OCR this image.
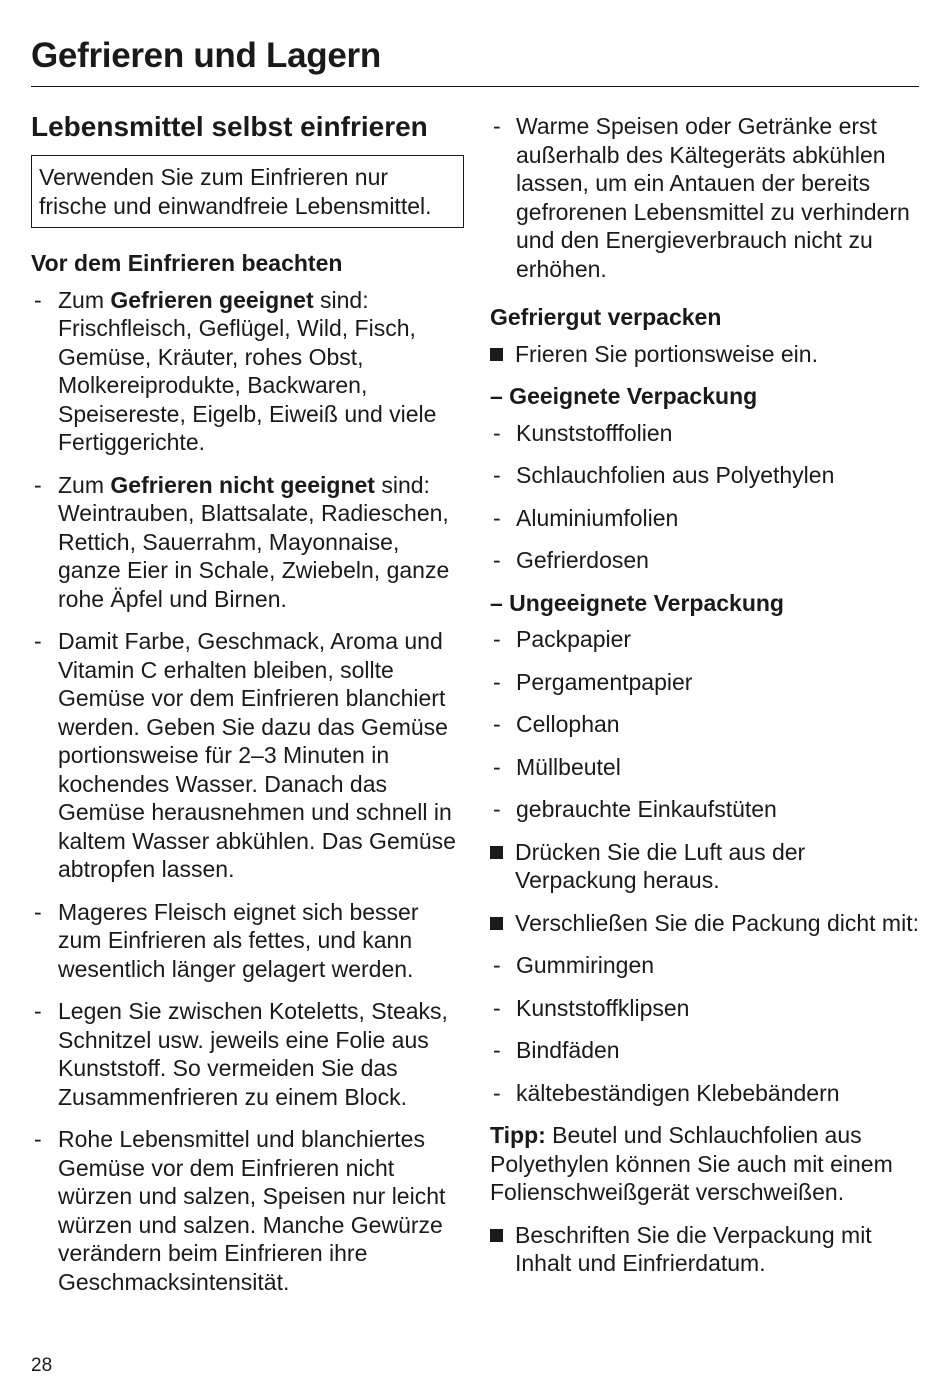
Gefrieren und Lagern
Lebensmittel selbst einfrieren
Verwenden Sie zum Einfrieren nur frische und einwandfreie Lebensmittel.
Vor dem Einfrieren beachten
- Zum Gefrieren geeignet sind: Frischfleisch, Geflügel, Wild, Fisch, Gemüse, Kräuter, rohes Obst, Molkereiprodukte, Backwaren, Speisereste, Eigelb, Eiweiß und viele Fertiggerichte.
- Zum Gefrieren nicht geeignet sind: Weintrauben, Blattsalate, Radieschen, Rettich, Sauerrahm, Mayonnaise, ganze Eier in Schale, Zwiebeln, ganze rohe Äpfel und Birnen.
- Damit Farbe, Geschmack, Aroma und Vitamin C erhalten bleiben, sollte Gemüse vor dem Einfrieren blanchiert werden. Geben Sie dazu das Gemüse portionsweise für 2–3 Minuten in kochendes Wasser. Danach das Gemüse herausnehmen und schnell in kaltem Wasser abkühlen. Das Gemüse abtropfen lassen.
- Mageres Fleisch eignet sich besser zum Einfrieren als fettes, und kann wesentlich länger gelagert werden.
- Legen Sie zwischen Koteletts, Steaks, Schnitzel usw. jeweils eine Folie aus Kunststoff. So vermeiden Sie das Zusammenfrieren zu einem Block.
- Rohe Lebensmittel und blanchiertes Gemüse vor dem Einfrieren nicht würzen und salzen, Speisen nur leicht würzen und salzen. Manche Gewürze verändern beim Einfrieren ihre Geschmacksintensität.
- Warme Speisen oder Getränke erst außerhalb des Kältegeräts abkühlen lassen, um ein Antauen der bereits gefrorenen Lebensmittel zu verhindern und den Energieverbrauch nicht zu erhöhen.
Gefriergut verpacken
Frieren Sie portionsweise ein.
– Geeignete Verpackung
- Kunststofffolien
- Schlauchfolien aus Polyethylen
- Aluminiumfolien
- Gefrierdosen
– Ungeeignete Verpackung
- Packpapier
- Pergamentpapier
- Cellophan
- Müllbeutel
- gebrauchte Einkaufstüten
Drücken Sie die Luft aus der Verpackung heraus.
Verschließen Sie die Packung dicht mit:
- Gummiringen
- Kunststoffklipsen
- Bindfäden
- kältebeständigen Klebebändern
Tipp: Beutel und Schlauchfolien aus Polyethylen können Sie auch mit einem Folienschweißgerät verschweißen.
Beschriften Sie die Verpackung mit Inhalt und Einfrierdatum.
28
